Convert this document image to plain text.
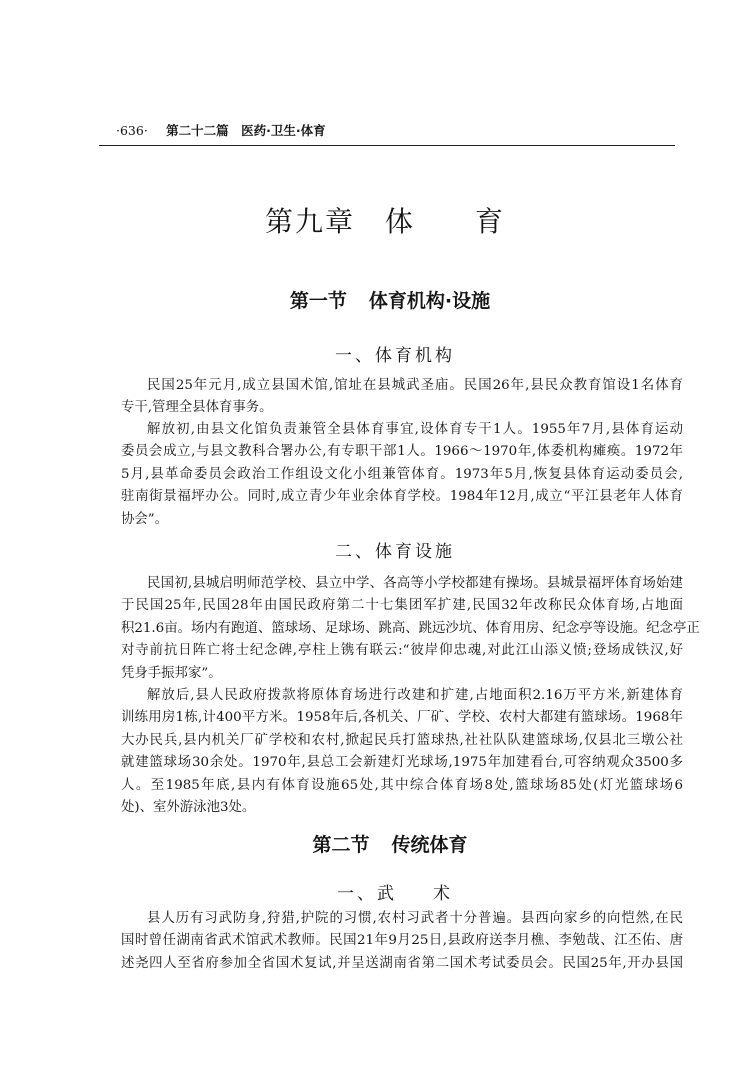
·636· 第二十二篇　医药·卫生·体育
第九章 体 育
第一节 体育机构·设施
一、体育机构
民国25年元月,成立县国术馆,馆址在县城武圣庙。民国26年,县民众教育馆设1名体育
专干,管理全县体育事务。
解放初,由县文化馆负责兼管全县体育事宜,设体育专干1人。1955年7月,县体育运动
委员会成立,与县文教科合署办公,有专职干部1人。1966～1970年,体委机构瘫痪。1972年
5月,县革命委员会政治工作组设文化小组兼管体育。1973年5月,恢复县体育运动委员会,
驻南街景福坪办公。同时,成立青少年业余体育学校。1984年12月,成立“平江县老年人体育
协会”。
二、体育设施
民国初,县城启明师范学校、县立中学、各高等小学校都建有操场。县城景福坪体育场始建
于民国25年,民国28年由国民政府第二十七集团军扩建,民国32年改称民众体育场,占地面
积21.6亩。场内有跑道、篮球场、足球场、跳高、跳远沙坑、体育用房、纪念亭等设施。纪念亭正
对寺前抗日阵亡将士纪念碑,亭柱上镌有联云:“彼岸仰忠魂,对此江山添义愤;登场成铁汉,好
凭身手振邦家”。
解放后,县人民政府拨款将原体育场进行改建和扩建,占地面积2.16万平方米,新建体育
训练用房1栋,计400平方米。1958年后,各机关、厂矿、学校、农村大都建有篮球场。1968年
大办民兵,县内机关厂矿学校和农村,掀起民兵打篮球热,社社队队建篮球场,仅县北三墩公社
就建篮球场30余处。1970年,县总工会新建灯光球场,1975年加建看台,可容纳观众3500多
人。至1985年底,县内有体育设施65处,其中综合体育场8处,篮球场85处(灯光篮球场6
处)、室外游泳池3处。
第二节 传统体育
一、武 术
县人历有习武防身,狩猎,护院的习惯,农村习武者十分普遍。县西向家乡的向恺然,在民
国时曾任湖南省武术馆武术教师。民国21年9月25日,县政府送李月樵、李勉哉、江丕佑、唐
述尧四人至省府参加全省国术复试,并呈送湖南省第二国术考试委员会。民国25年,开办县国
